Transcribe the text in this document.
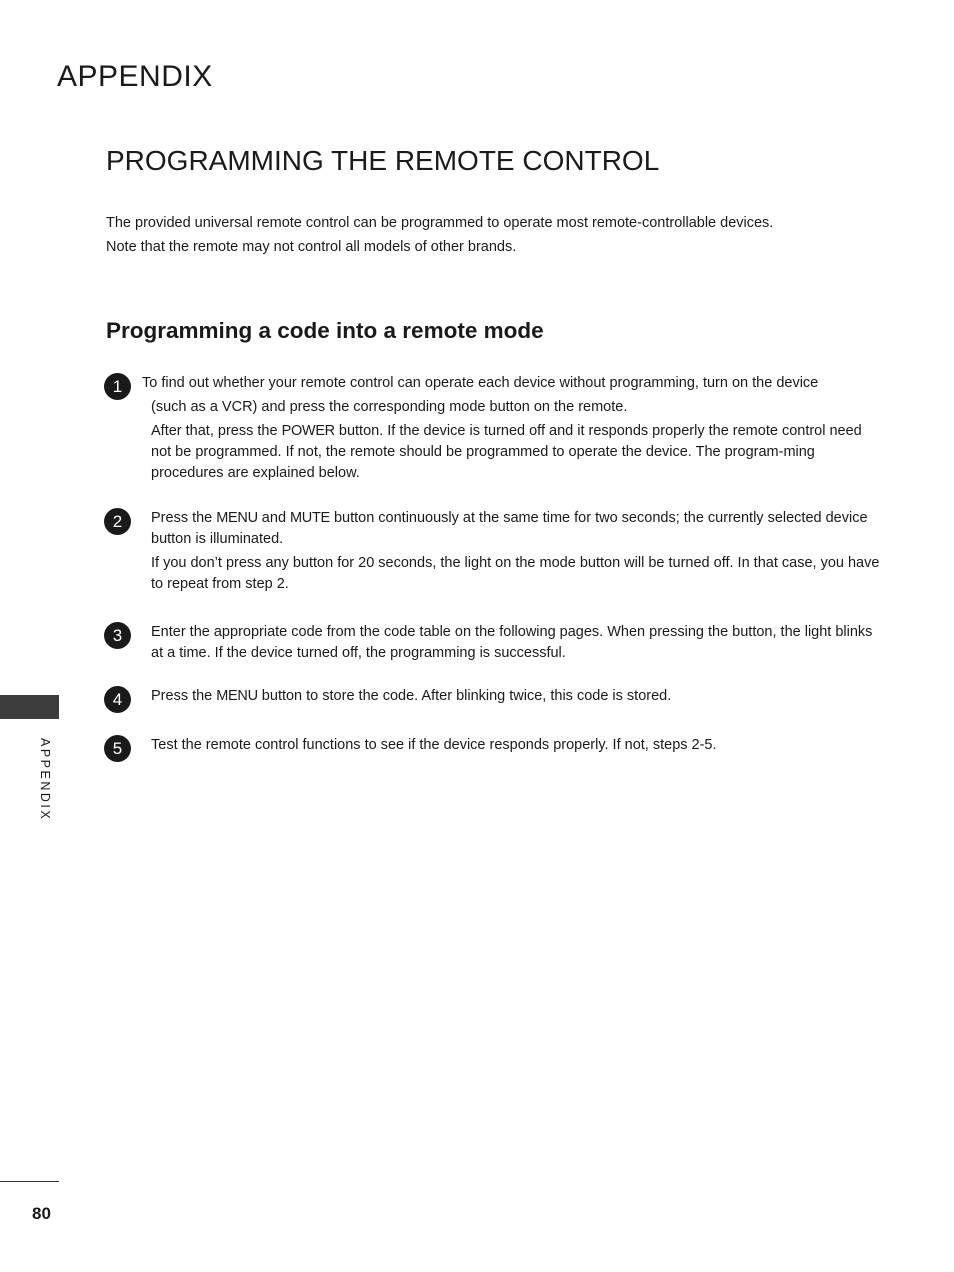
APPENDIX
PROGRAMMING THE REMOTE CONTROL

The provided universal remote control can be programmed to operate most remote-controllable devices.

Note that the remote may not control all models of other brands.

Programming a code into a remote mode
1	To find out whether your remote control can operate each device without programming, turn on the device

(such as a VCR) and press the corresponding mode button on the remote.

After that, press the POWER button. If the device is turned off and it responds properly the remote control need not be programmed. If not, the remote should be programmed to operate the device. The program-ming procedures are explained below.

2	Press the MENU and MUTE button continuously at the same time for two seconds; the currently selected device button is illuminated.

If you don’t press any button for 20 seconds, the light on the mode button will be turned off. In that case, you have to repeat from step 2.

3	Enter the appropriate code from the code table on the following pages. When pressing the button, the light blinks at a time. If the device turned off, the programming is successful.

4	Press the MENU button to store the code. After blinking twice, this code is stored.

5	Test the remote control functions to see if the device responds properly. If not, steps 2-5.

APPENDIX
80
